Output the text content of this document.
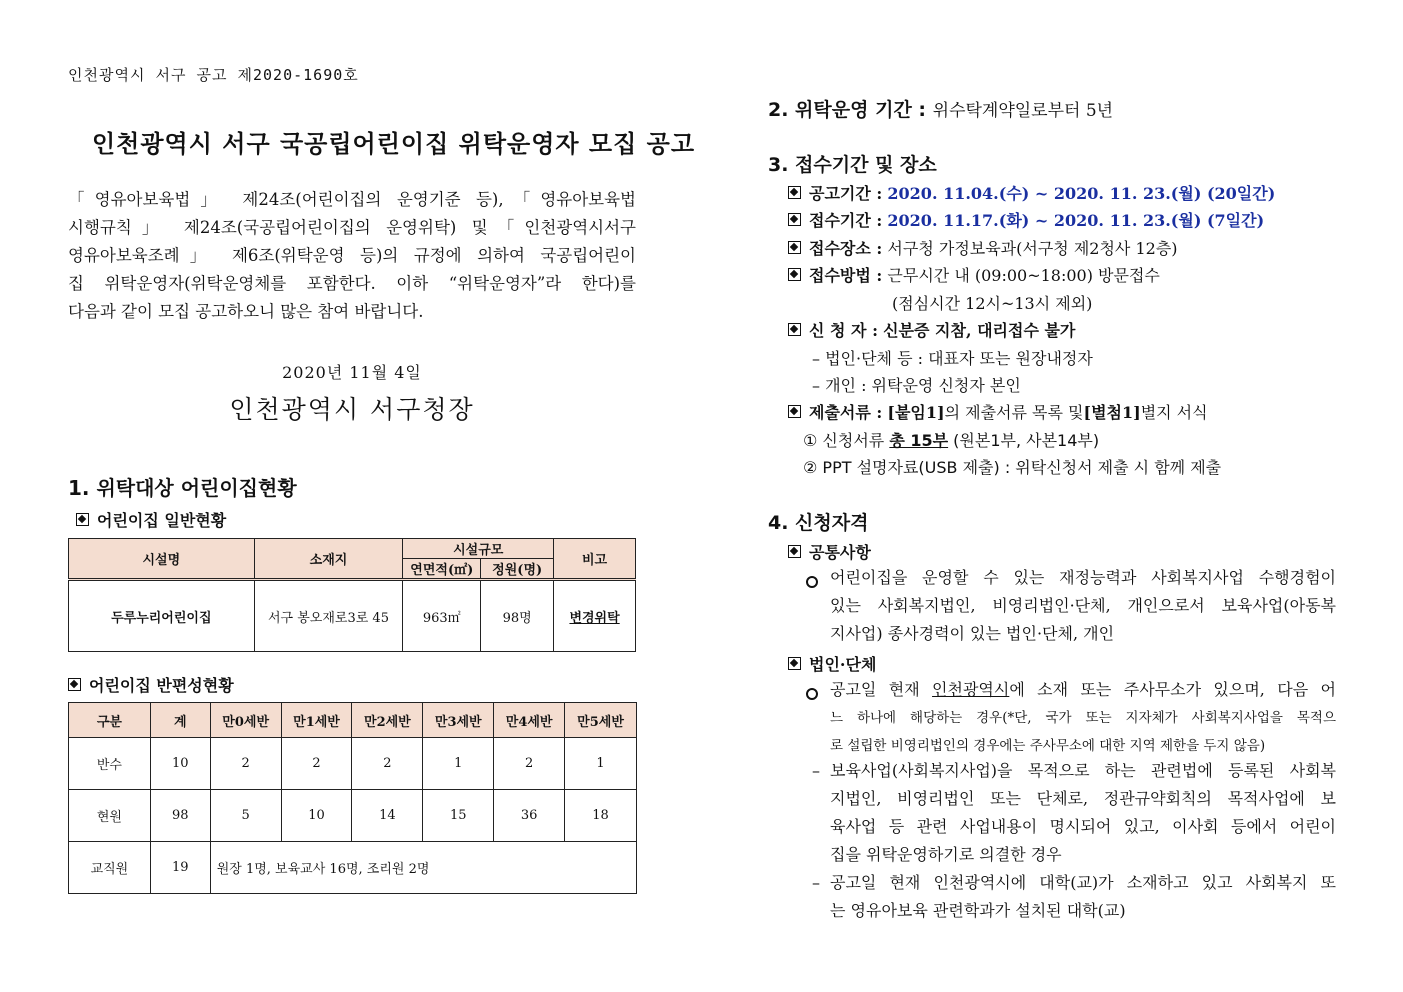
인천광역시 서구 공고 제2020-1690호
인천광역시 서구 국공립어린이집 위탁운영자 모집 공고
「영유아보육법」 제24조(어린이집의 운영기준 등),「영유아보육법
시행규칙」 제24조(국공립어린이집의 운영위탁) 및「인천광역시서구
영유아보육조례」 제6조(위탁운영 등)의 규정에 의하여 국공립어린이
집 위탁운영자(위탁운영체를 포함한다. 이하 “위탁운영자”라 한다)를
다음과 같이 모집 공고하오니 많은 참여 바랍니다.
2020년 11월 4일
인천광역시 서구청장
1. 위탁대상 어린이집현황
어린이집 일반현황
시설명	소재지	시설규모		비고
		연면적(㎡)	정원(명)	
두루누리어린이집	서구 봉오재로3로 45	963㎡	98명	변경위탁
어린이집 반편성현황
구분	계	만0세반	만1세반	만2세반	만3세반	만4세반	만5세반
반수	10	2	2	2	1	2	1
현원	98	5	10	14	15	36	18
교직원	19	원장 1명, 보육교사 16명, 조리원 2명					
2. 위탁운영 기간 : 위수탁계약일로부터 5년
3. 접수기간 및 장소
공고기간 :
2020. 11.04.(수) ~ 2020. 11. 23.(월) (20일간)
접수기간 :
2020. 11.17.(화) ~ 2020. 11. 23.(월) (7일간)
접수장소 :
서구청 가정보육과(서구청 제2청사 12층)
접수방법 :
근무시간 내 (09:00~18:00) 방문접수
(점심시간 12시~13시 제외)
신 청 자 :
신분증 지참, 대리접수 불가
– 법인·단체 등 : 대표자 또는 원장내정자
– 개인 : 위탁운영 신청자 본인
제출서류 :
[붙임1] 의 제출서류 목록 및 [별첨1] 별지 서식
① 신청서류 총 15부 (원본1부, 사본14부)
② PPT 설명자료(USB 제출) : 위탁신청서 제출 시 함께 제출
4. 신청자격
공통사항
어린이집을 운영할 수 있는 재정능력과 사회복지사업 수행경험이
있는 사회복지법인, 비영리법인·단체, 개인으로서 보육사업(아동복
지사업) 종사경력이 있는 법인·단체, 개인
법인·단체
공고일 현재 인천광역시에 소재 또는 주사무소가 있으며, 다음 어
느 하나에 해당하는 경우(*단, 국가 또는 지자체가 사회복지사업을 목적으
로 설립한 비영리법인의 경우에는 주사무소에 대한 지역 제한을 두지 않음)
– 보육사업(사회복지사업)을 목적으로 하는 관련법에 등록된 사회복
지법인, 비영리법인 또는 단체로, 정관규약회칙의 목적사업에 보
육사업 등 관련 사업내용이 명시되어 있고, 이사회 등에서 어린이
집을 위탁운영하기로 의결한 경우
– 공고일 현재 인천광역시에 대학(교)가 소재하고 있고 사회복지 또
는 영유아보육 관련학과가 설치된 대학(교)
